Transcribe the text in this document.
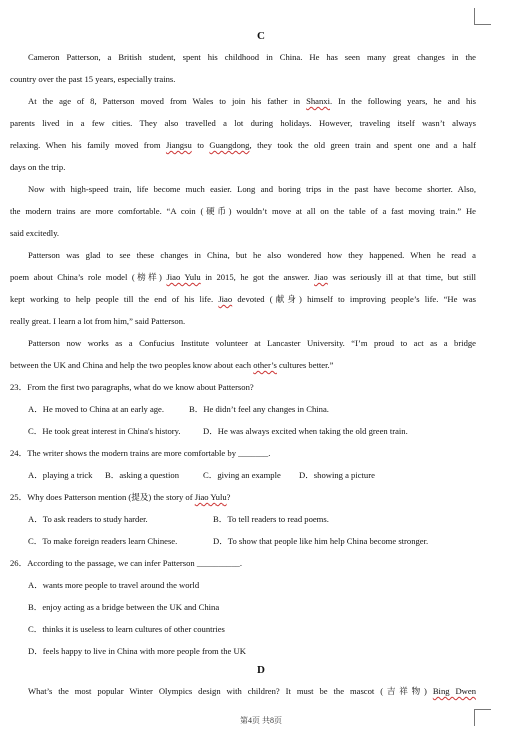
C
Cameron Patterson, a British student, spent his childhood in China. He has seen many great changes in the
country over the past 15 years, especially trains.
At the age of 8, Patterson moved from Wales to join his father in Shanxi. In the following years, he and his
parents lived in a few cities. They also travelled a lot during holidays. However, traveling itself wasn’t always
relaxing. When his family moved from Jiangsu to Guangdong, they took the old green train and spent one and a half
days on the trip.
Now with high-speed train, life become much easier. Long and boring trips in the past have become shorter. Also,
the modern trains are more comfortable. “A coin (硬币) wouldn’t move at all on the table of a fast moving train.” He
said excitedly.
Patterson was glad to see these changes in China, but he also wondered how they happened. When he read a
poem about China’s role model (榜样) Jiao Yulu in 2015, he got the answer. Jiao was seriously ill at that time, but still
kept working to help people till the end of his life. Jiao devoted (献身) himself to improving people’s life. “He was
really great. I learn a lot from him,” said Patterson.
Patterson now works as a Confucius Institute volunteer at Lancaster University. “I’m proud to act as a bridge
between the UK and China and help the two peoples know about each other’s cultures better.”
23．From the first two paragraphs, what do we know about Patterson?
A．He moved to China at an early age.	B．He didn’t feel any changes in China.
C．He took great interest in China's history.	D．He was always excited when taking the old green train.
24．The writer shows the modern trains are more comfortable by _______.
A．playing a trick B．asking a question	C．giving an example D．showing a picture
25．Why does Patterson mention (提及) the story of Jiao Yulu?
A．To ask readers to study harder.	B．To tell readers to read poems.
C．To make foreign readers learn Chinese.	D．To show that people like him help China become stronger.
26．According to the passage, we can infer Patterson __________.
A．wants more people to travel around the world
B．enjoy acting as a bridge between the UK and China
C．thinks it is useless to learn cultures of other countries
D．feels happy to live in China with more people from the UK
D
What’s the most popular Winter Olympics design with children? It must be the mascot (吉祥物) Bing Dwen
第4页 共8页
